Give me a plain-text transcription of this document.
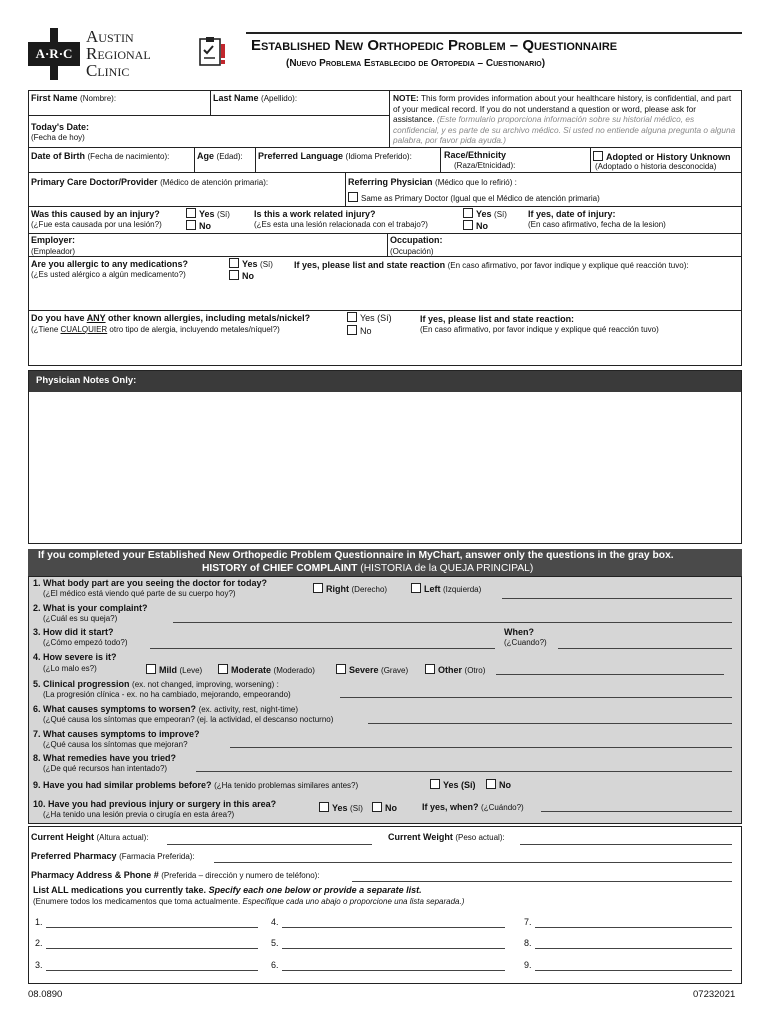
A·R·C
Austin
Regional
Clinic
Established New Orthopedic Problem – Questionnaire
(Nuevo Problema Establecido de Ortopedia – Cuestionario)
First Name (Nombre):	Last Name (Apellido):	NOTE: This form provides information about your healthcare history, is confidential, and part of your medical record. If you do not understand a question or word, please ask for assistance. (Este formulario proporciona información sobre su historial médico, es confidencial, y es parte de su archivo médico. Si usted no entiende alguna pregunta o alguna palabra, por favor pida ayuda.)
Today's Date:
(Fecha de hoy)
Date of Birth (Fecha de nacimiento):	Age (Edad): Preferred Language (Idioma Preferido):	Race/Ethnicity
(Raza/Etnicidad):
Adopted or History Unknown
(Adoptado o historia desconocida)
Primary Care Doctor/Provider (Médico de atención primaria):	Referring Physician (Médico que lo refirió) :
Same as Primary Doctor (Igual que el Médico de atención primaria)
Was this caused by an injury?
(¿Fue esta causada por una lesión?)
Yes (Sí)
No
Is this a work related injury?
(¿Es esta una lesión relacionada con el trabajo?)
Yes (Sí)
No
If yes, date of injury:
(En caso afirmativo, fecha de la lesion)
Employer:
(Empleador)
Occupation:
(Ocupación)
Are you allergic to any medications?
(¿Es usted alérgico a algún medicamento?)
Yes (Sí)
No
If yes, please list and state reaction (En caso afirmativo, por favor indique y explique qué reacción tuvo):
Do you have ANY other known allergies, including metals/nickel?
(¿Tiene CUALQUIER otro tipo de alergia, incluyendo metales/níquel?)
Yes (Sí)
No
If yes, please list and state reaction:
(En caso afirmativo, por favor indique y explique qué reacción tuvo)
Physician Notes Only:
If you completed your Established New Orthopedic Problem Questionnaire in MyChart, answer only the questions in the gray box.
HISTORY of CHIEF COMPLAINT (HISTORIA de la QUEJA PRINCIPAL)
1. What body part are you seeing the doctor for today?
(¿El médico está viendo qué parte de su cuerpo hoy?)	Right (Derecho)	Left (Izquierda)
2. What is your complaint?
(¿Cuál es su queja?)
3. How did it start?
(¿Cómo empezó todo?)
When?
(¿Cuando?)
4. How severe is it?
(¿Lo malo es?)	Mild (Leve)	Moderate (Moderado)	Severe (Grave)	Other (Otro)
5. Clinical progression (ex. not changed, improving, worsening) :
(La progresión clínica - ex. no ha cambiado, mejorando, empeorando)
6. What causes symptoms to worsen? (ex. activity, rest, night-time)
(¿Qué causa los síntomas que empeoran? (ej. la actividad, el descanso nocturno)
7. What causes symptoms to improve?
(¿Qué causa los síntomas que mejoran?
8. What remedies have you tried?
(¿De qué recursos han intentado?)
9. Have you had similar problems before? (¿Ha tenido problemas similares antes?)	Yes (Sí)	No
10. Have you had previous injury or surgery in this area?
(¿Ha tenido una lesión previa o cirugía en esta área?)
Yes (Sí)	No	If yes, when? (¿Cuándo?)
Current Height (Altura actual):	Current Weight (Peso actual):
Preferred Pharmacy (Farmacia Preferida):
Pharmacy Address & Phone # (Preferida – dirección y numero de teléfono):
List ALL medications you currently take. Specify each one below or provide a separate list.
(Enumere todos los medicamentos que toma actualmente. Especifique cada uno abajo o proporcione una lista separada.)
1.	4.	7.
2.	5.	8.
3.	6.	9.
08.0890	07232021
